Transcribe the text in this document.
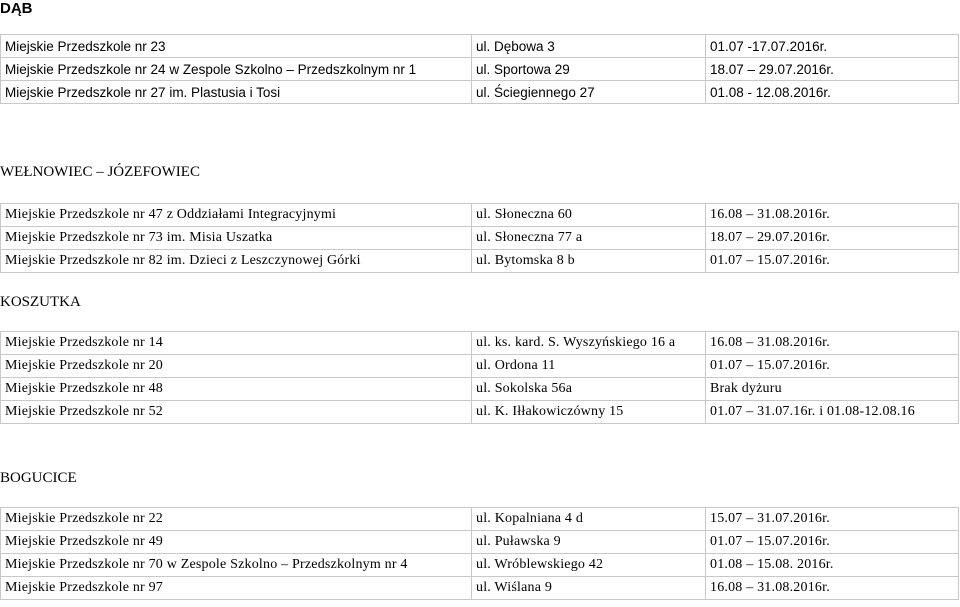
DĄB
Miejskie Przedszkole nr 23	ul. Dębowa 3	01.07 -17.07.2016r.
Miejskie Przedszkole nr 24 w Zespole Szkolno – Przedszkolnym nr 1	ul. Sportowa 29	18.07 – 29.07.2016r.
Miejskie Przedszkole nr 27 im. Plastusia i Tosi	ul. Ściegiennego 27	01.08 - 12.08.2016r.
WEŁNOWIEC – JÓZEFOWIEC
Miejskie Przedszkole nr 47 z Oddziałami Integracyjnymi	ul. Słoneczna 60	16.08 – 31.08.2016r.
Miejskie Przedszkole nr 73 im. Misia Uszatka	ul. Słoneczna 77 a	18.07 – 29.07.2016r.
Miejskie Przedszkole nr 82 im. Dzieci z Leszczynowej Górki	ul. Bytomska 8 b	01.07 – 15.07.2016r.
KOSZUTKA
Miejskie Przedszkole nr 14	ul. ks. kard. S. Wyszyńskiego 16 a	16.08 – 31.08.2016r.
Miejskie Przedszkole nr 20	ul. Ordona 11	01.07 – 15.07.2016r.
Miejskie Przedszkole nr 48	ul. Sokolska 56a	Brak dyżuru
Miejskie Przedszkole nr 52	ul. K. Iłłakowiczówny 15	01.07 – 31.07.16r. i 01.08-12.08.16
BOGUCICE
Miejskie Przedszkole nr 22	ul. Kopalniana 4 d	15.07 – 31.07.2016r.
Miejskie Przedszkole nr 49	ul. Puławska 9	01.07 – 15.07.2016r.
Miejskie Przedszkole nr 70 w Zespole Szkolno – Przedszkolnym nr 4	ul. Wróblewskiego 42	01.08 – 15.08. 2016r.
Miejskie Przedszkole nr 97	ul. Wiślana 9	16.08 – 31.08.2016r.
